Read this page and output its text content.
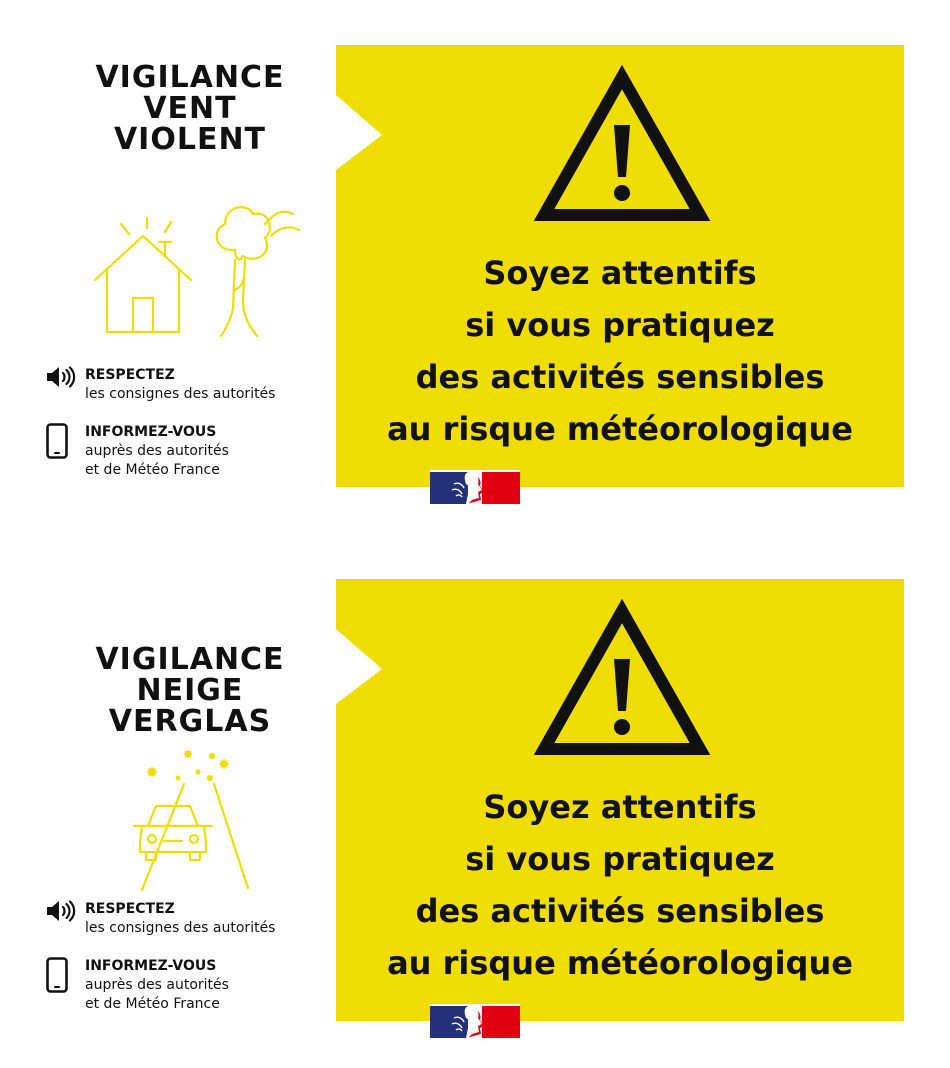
VIGILANCE
VENT
VIOLENT
RESPECTEZ
les consignes des autorités
INFORMEZ-VOUS
auprès des autorités
et de Météo France
Soyez attentifs
si vous pratiquez
des activités sensibles
au risque météorologique
VIGILANCE
NEIGE
VERGLAS
RESPECTEZ
les consignes des autorités
INFORMEZ-VOUS
auprès des autorités
et de Météo France
Soyez attentifs
si vous pratiquez
des activités sensibles
au risque météorologique
